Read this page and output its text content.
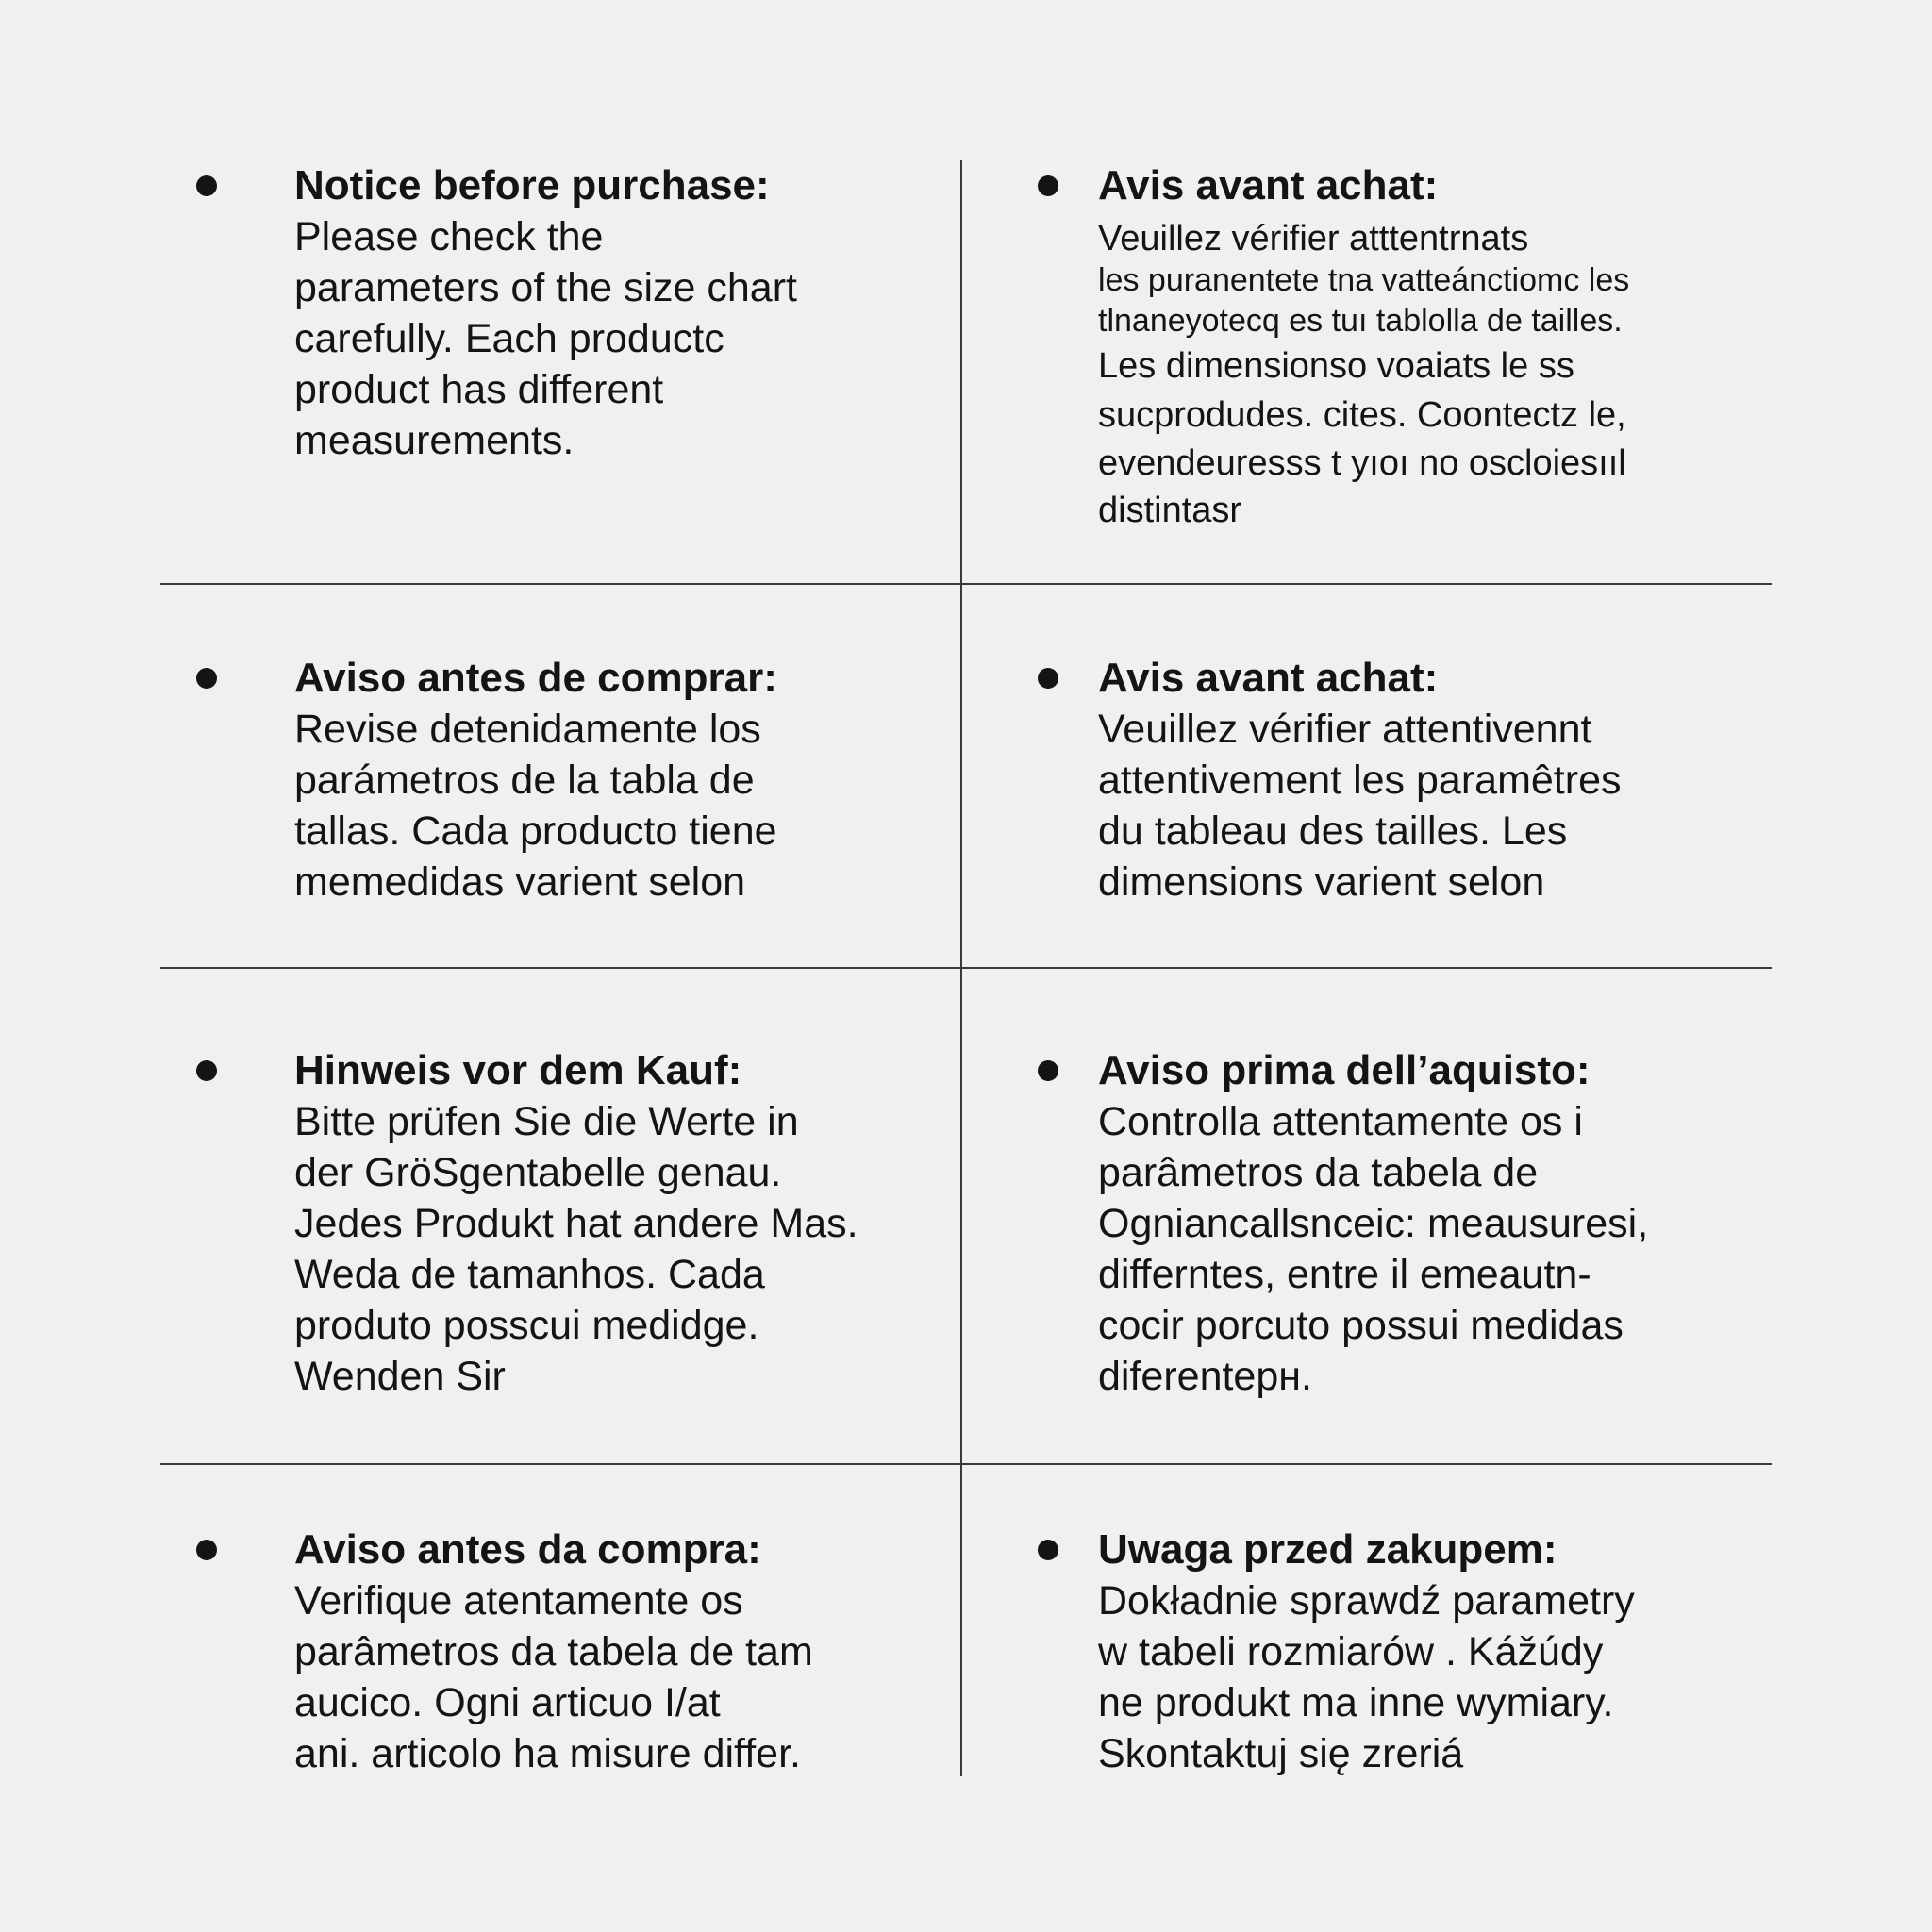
Notice before purchase:
Please check the
parameters of the size chart
carefully. Each productc
product has different
measurements.
Avis avant achat:
Veuillez vérifier atttentrnats
les puranentete tna vatteánctiomc les
tlnaneyotecq es tuı tablolla de tailles.
Les dimensionso voaiats le ss
sucprodudes. cites. Coontectz le,
evendeuresss t yıoı no oscloiesııl
distintasr
Aviso antes de comprar:
Revise detenidamente los
parámetros de la tabla de
tallas. Cada producto tiene
memedidas varient selon
Avis avant achat:
Veuillez vérifier attentivennt
attentivement les paramêtres
du tableau des tailles. Les
dimensions varient selon
Hinweis vor dem Kauf:
Bitte prüfen Sie die Werte in
der GröSgentabelle genau.
Jedes Produkt hat andere Mas.
Weda de tamanhos. Cada
produto posscui medidge.
Wenden Sir
Aviso prima dell’aquisto:
Controlla attentamente os i
parâmetros da tabela de
Ogniancallsnceic: meausuresi,
differntes, entre il emeautn-
cocir porcuto possui medidas
diferentерн.
Aviso antes da compra:
Verifique atentamente os
parâmetros da tabela de tam
aucico. Ogni articuo I/at
ani. articolo ha misure differ.
Uwaga przed zakupem:
Dokładnie sprawdź parametry
w tabeli rozmiarów . Kážúdy
ne produkt ma inne wymiary.
Skontaktuj się zreriá
